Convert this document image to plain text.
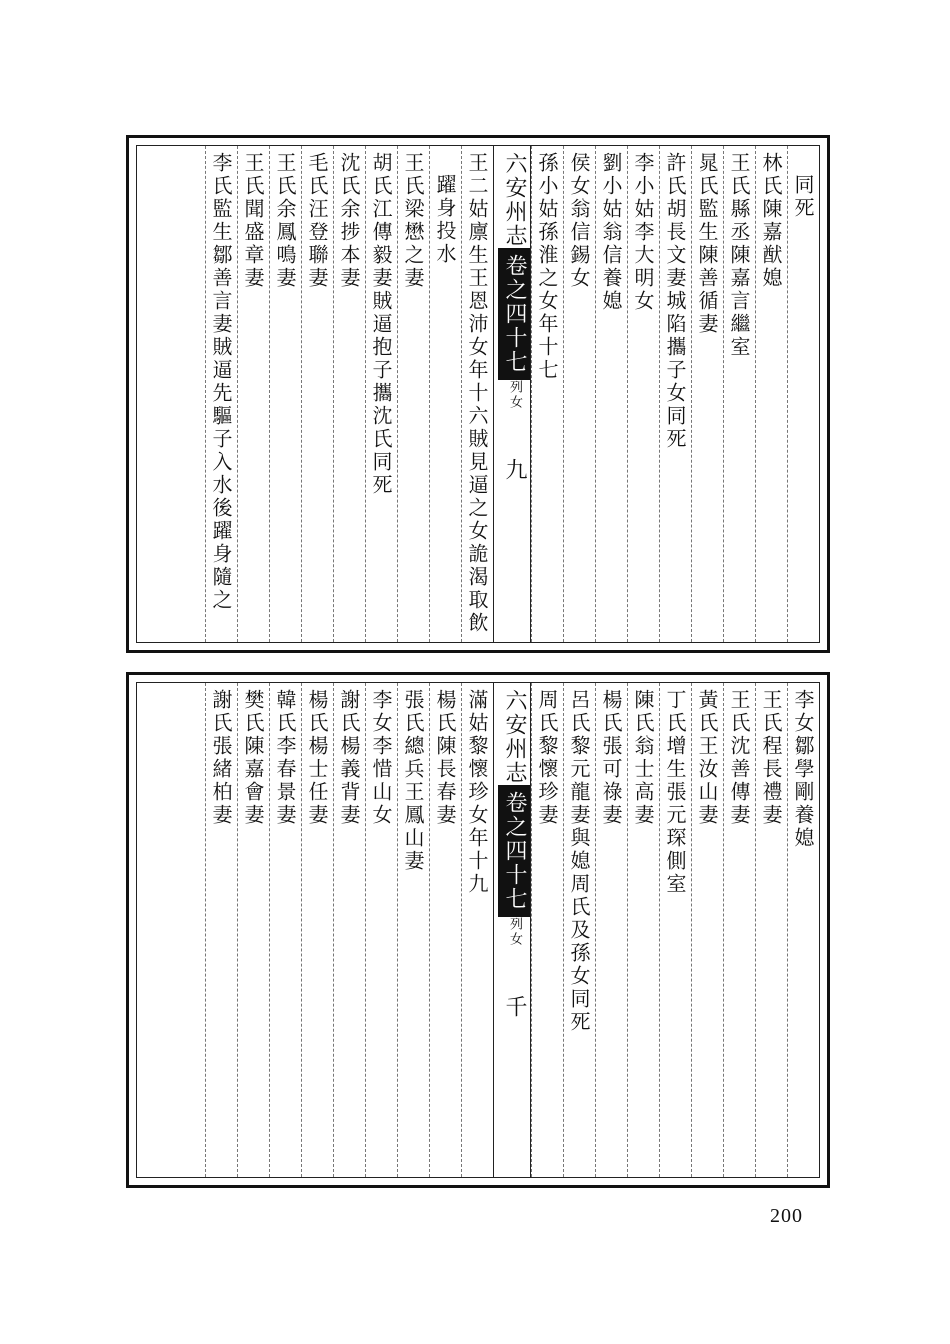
同死
林氏陳嘉猷媳
王氏縣丞陳嘉言繼室
晁氏監生陳善循妻
許氏胡長文妻城陷攜子女同死
李小姑李大明女
劉小姑翁信養媳
侯女翁信錫女
孫小姑孫淮之女年十七
六安州志卷之四十七列女　　九
王二姑廪生王恩沛女年十六賊見逼之女詭渴取飲
躍身投水
王氏梁懋之妻
胡氏江傳毅妻賊逼抱子攜沈氏同死
沈氏余捗本妻
毛氏汪登聯妻
王氏余鳳鳴妻
王氏聞盛章妻
李氏監生鄒善言妻賊逼先驅子入水後躍身隨之
李女鄒學剛養媳
王氏程長禮妻
王氏沈善傳妻
黃氏王汝山妻
丁氏增生張元琛側室
陳氏翁士高妻
楊氏張可祿妻
呂氏黎元龍妻與媳周氏及孫女同死
周氏黎懷珍妻
六安州志卷之四十七列女　　千
滿姑黎懷珍女年十九
楊氏陳長春妻
張氏總兵王鳳山妻
李女李惜山女
謝氏楊義背妻
楊氏楊士任妻
韓氏李春景妻
樊氏陳嘉會妻
謝氏張緒柏妻
200
